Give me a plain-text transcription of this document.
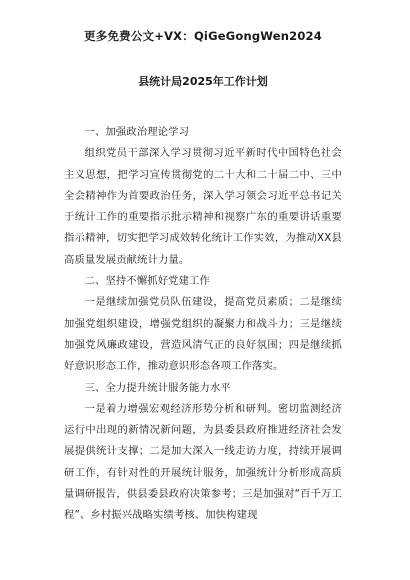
更多免费公文+VX：QiGeGongWen2024
县统计局2025年工作计划

一、加强政治理论学习

组织党员干部深入学习贯彻习近平新时代中国特色社会主义思想，把学习宣传贯彻党的二十大和二十届二中、三中全会精神作为首要政治任务，深入学习领会习近平总书记关于统计工作的重要指示批示精神和视察广东的重要讲话重要指示精神，切实把学习成效转化统计工作实效，为推动XX县高质量发展贡献统计力量。

二、坚持不懈抓好党建工作

一是继续加强党员队伍建设，提高党员素质；二是继续加强党组织建设，增强党组织的凝聚力和战斗力；三是继续加强党风廉政建设，营造风清气正的良好氛围；四是继续抓好意识形态工作，推动意识形态各项工作落实。

三、全力提升统计服务能力水平

一是着力增强宏观经济形势分析和研判。密切监测经济运行中出现的新情况新问题，为县委县政府推进经济社会发展提供统计支撑；二是加大深入一线走访力度，持续开展调研工作，有针对性的开展统计服务，加强统计分析形成高质量调研报告，供县委县政府决策参考；三是加强对“百千万工程”、乡村振兴战略实绩考核、加快构建现
